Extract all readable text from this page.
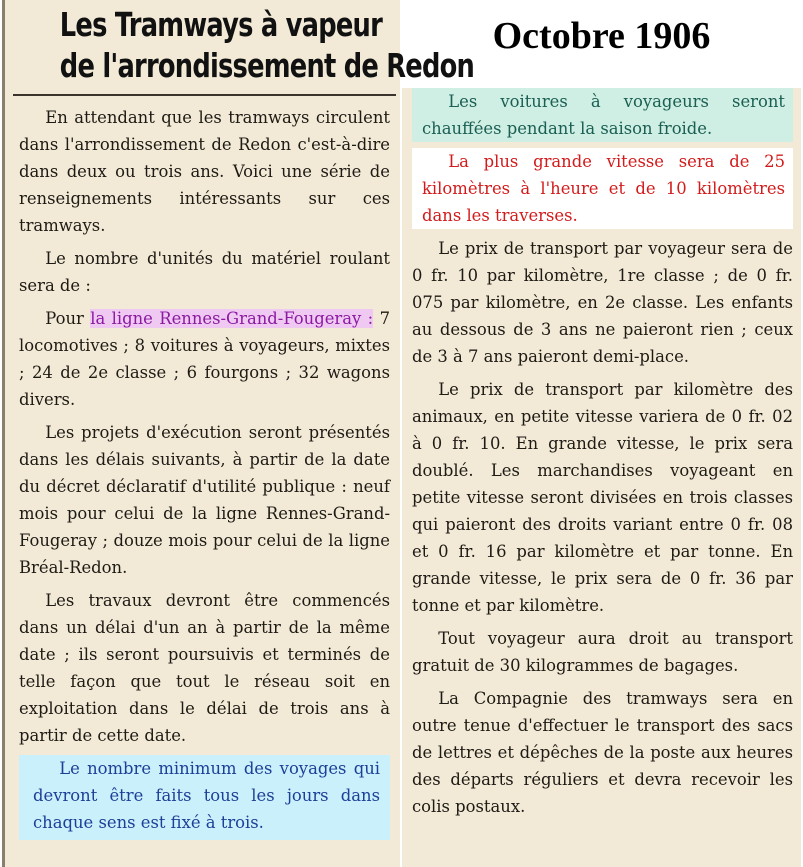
Octobre 1906
Les Tramways à vapeur
de l'arrondissement de Redon

En attendant que les tramways circulent dans l'arrondissement de Redon c'est-à-dire dans deux ou trois ans. Voici une série de renseignements intéressants sur ces tramways.

Le nombre d'unités du matériel roulant sera de :

Pour la ligne Rennes-Grand-Fougeray : 7 locomotives ; 8 voitures à voyageurs, mixtes ; 24 de 2e classe ; 6 fourgons ; 32 wagons divers.

Les projets d'exécution seront présentés dans les délais suivants, à partir de la date du décret déclaratif d'utilité publique : neuf mois pour celui de la ligne Rennes-Grand-Fougeray ; douze mois pour celui de la ligne Bréal-Redon.

Les travaux devront être commencés dans un délai d'un an à partir de la même date ; ils seront poursuivis et terminés de telle façon que tout le réseau soit en exploitation dans le délai de trois ans à partir de cette date.

Le nombre minimum des voyages qui devront être faits tous les jours dans chaque sens est fixé à trois.

Les voitures à voyageurs seront chauffées pendant la saison froide.

La plus grande vitesse sera de 25 kilomètres à l'heure et de 10 kilomètres dans les traverses.

Le prix de transport par voyageur sera de 0 fr. 10 par kilomètre, 1re classe ; de 0 fr. 075 par kilomètre, en 2e classe. Les enfants au dessous de 3 ans ne paieront rien ; ceux de 3 à 7 ans paieront demi-place.

Le prix de transport par kilomètre des animaux, en petite vitesse variera de 0 fr. 02 à 0 fr. 10. En grande vitesse, le prix sera doublé. Les marchandises voyageant en petite vitesse seront divisées en trois classes qui paieront des droits variant entre 0 fr. 08 et 0 fr. 16 par kilomètre et par tonne. En grande vitesse, le prix sera de 0 fr. 36 par tonne et par kilomètre.

Tout voyageur aura droit au transport gratuit de 30 kilogrammes de bagages.

La Compagnie des tramways sera en outre tenue d'effectuer le transport des sacs de lettres et dépêches de la poste aux heures des départs réguliers et devra recevoir les colis postaux.
